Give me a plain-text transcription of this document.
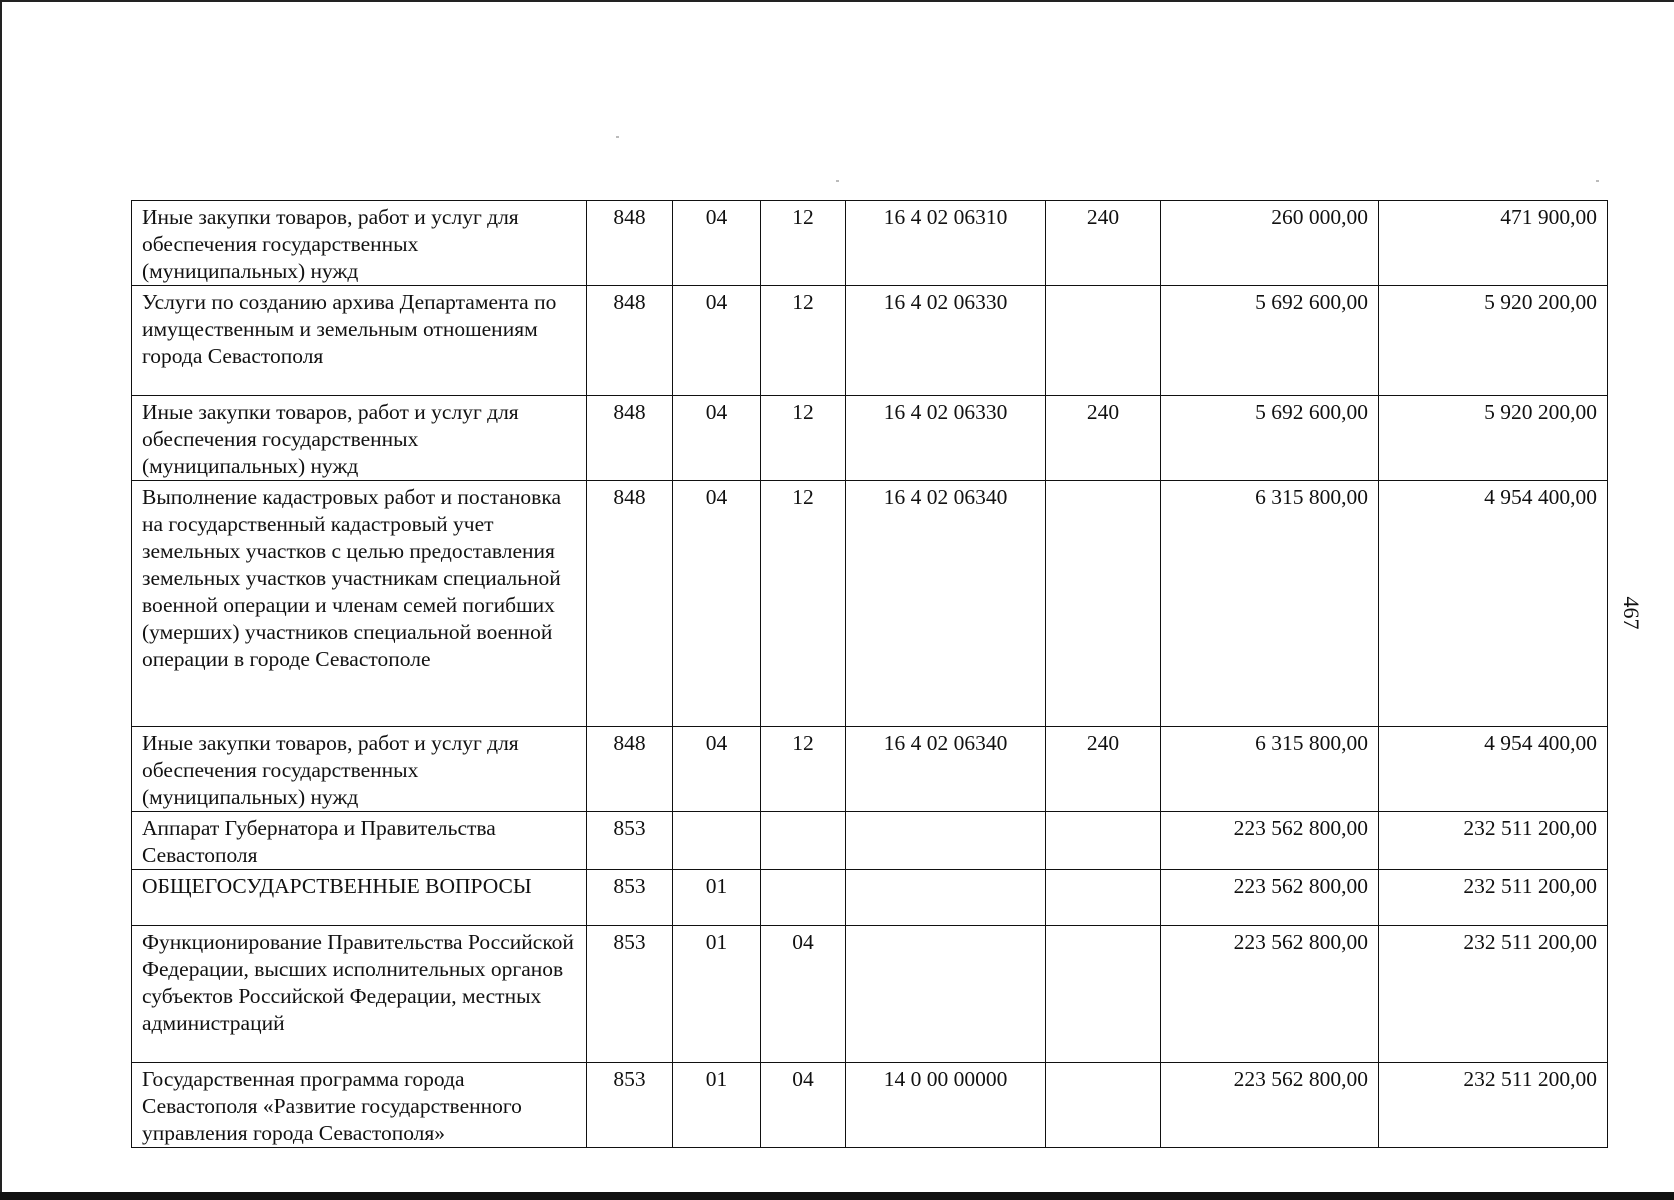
467
Иные закупки товаров, работ и услуг для обеспечения государственных (муниципальных) нужд	848	04	12	16 4 02 06310	240	260 000,00	471 900,00
Услуги по созданию архива Департамента по имущественным и земельным отношениям города Севастополя	848	04	12	16 4 02 06330		5 692 600,00	5 920 200,00
Иные закупки товаров, работ и услуг для обеспечения государственных (муниципальных) нужд	848	04	12	16 4 02 06330	240	5 692 600,00	5 920 200,00
Выполнение кадастровых работ и постановка на государственный кадастровый учет земельных участков с целью предоставления земельных участков участникам специальной военной операции и членам семей погибших (умерших) участников специальной военной операции в городе Севастополе	848	04	12	16 4 02 06340		6 315 800,00	4 954 400,00
Иные закупки товаров, работ и услуг для обеспечения государственных (муниципальных) нужд	848	04	12	16 4 02 06340	240	6 315 800,00	4 954 400,00
Аппарат Губернатора и Правительства Севастополя	853					223 562 800,00	232 511 200,00
ОБЩЕГОСУДАРСТВЕННЫЕ ВОПРОСЫ	853	01				223 562 800,00	232 511 200,00
Функционирование Правительства Российской Федерации, высших исполнительных органов субъектов Российской Федерации, местных администраций	853	01	04			223 562 800,00	232 511 200,00
Государственная программа города Севастополя «Развитие государственного управления города Севастополя»	853	01	04	14 0 00 00000		223 562 800,00	232 511 200,00
